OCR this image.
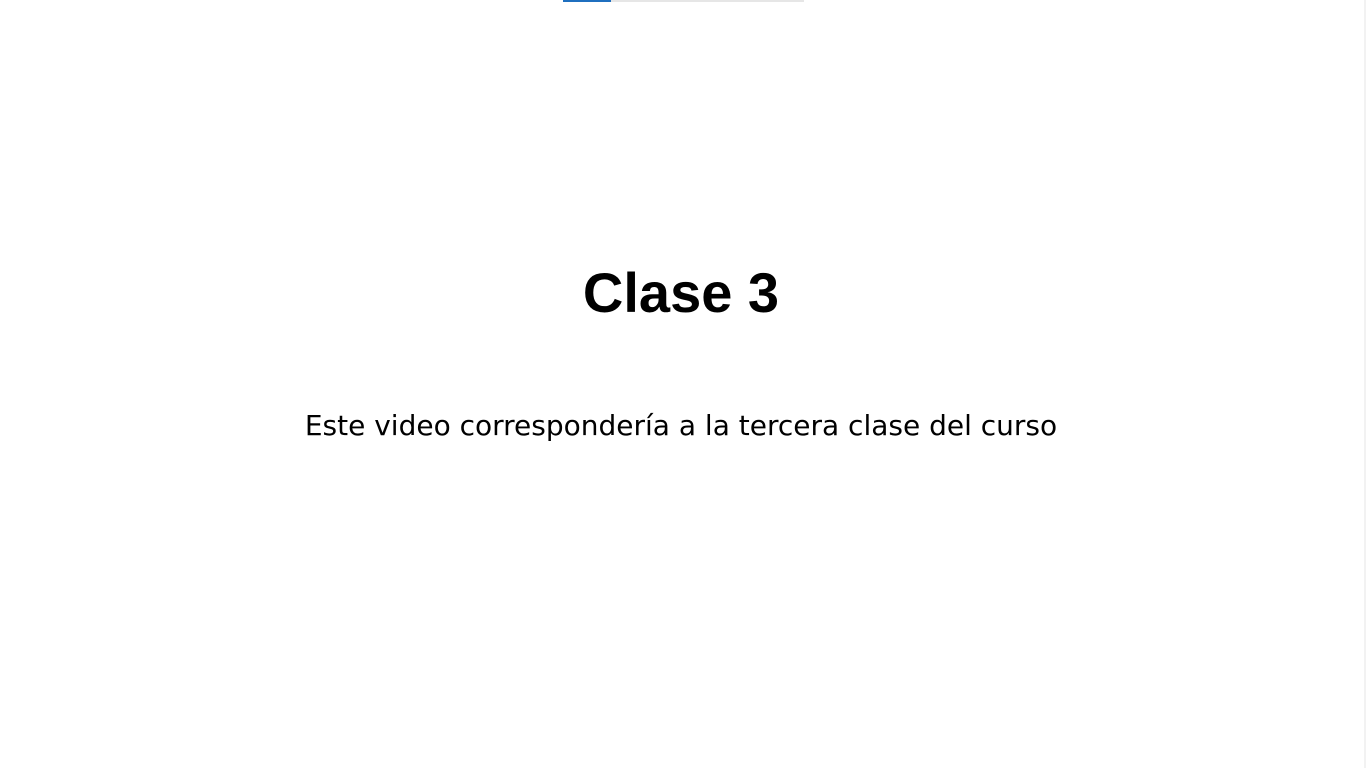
Clase 3
Este video correspondería a la tercera clase del curso
